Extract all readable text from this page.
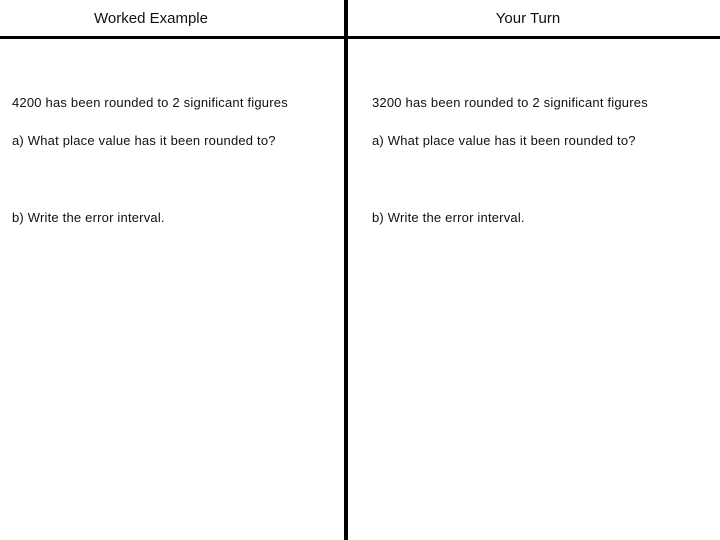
Worked Example	Your Turn
4200 has been rounded to 2 significant figures
a) What place value has it been rounded to?
b) Write the error interval.
3200 has been rounded to 2 significant figures
a) What place value has it been rounded to?
b) Write the error interval.
